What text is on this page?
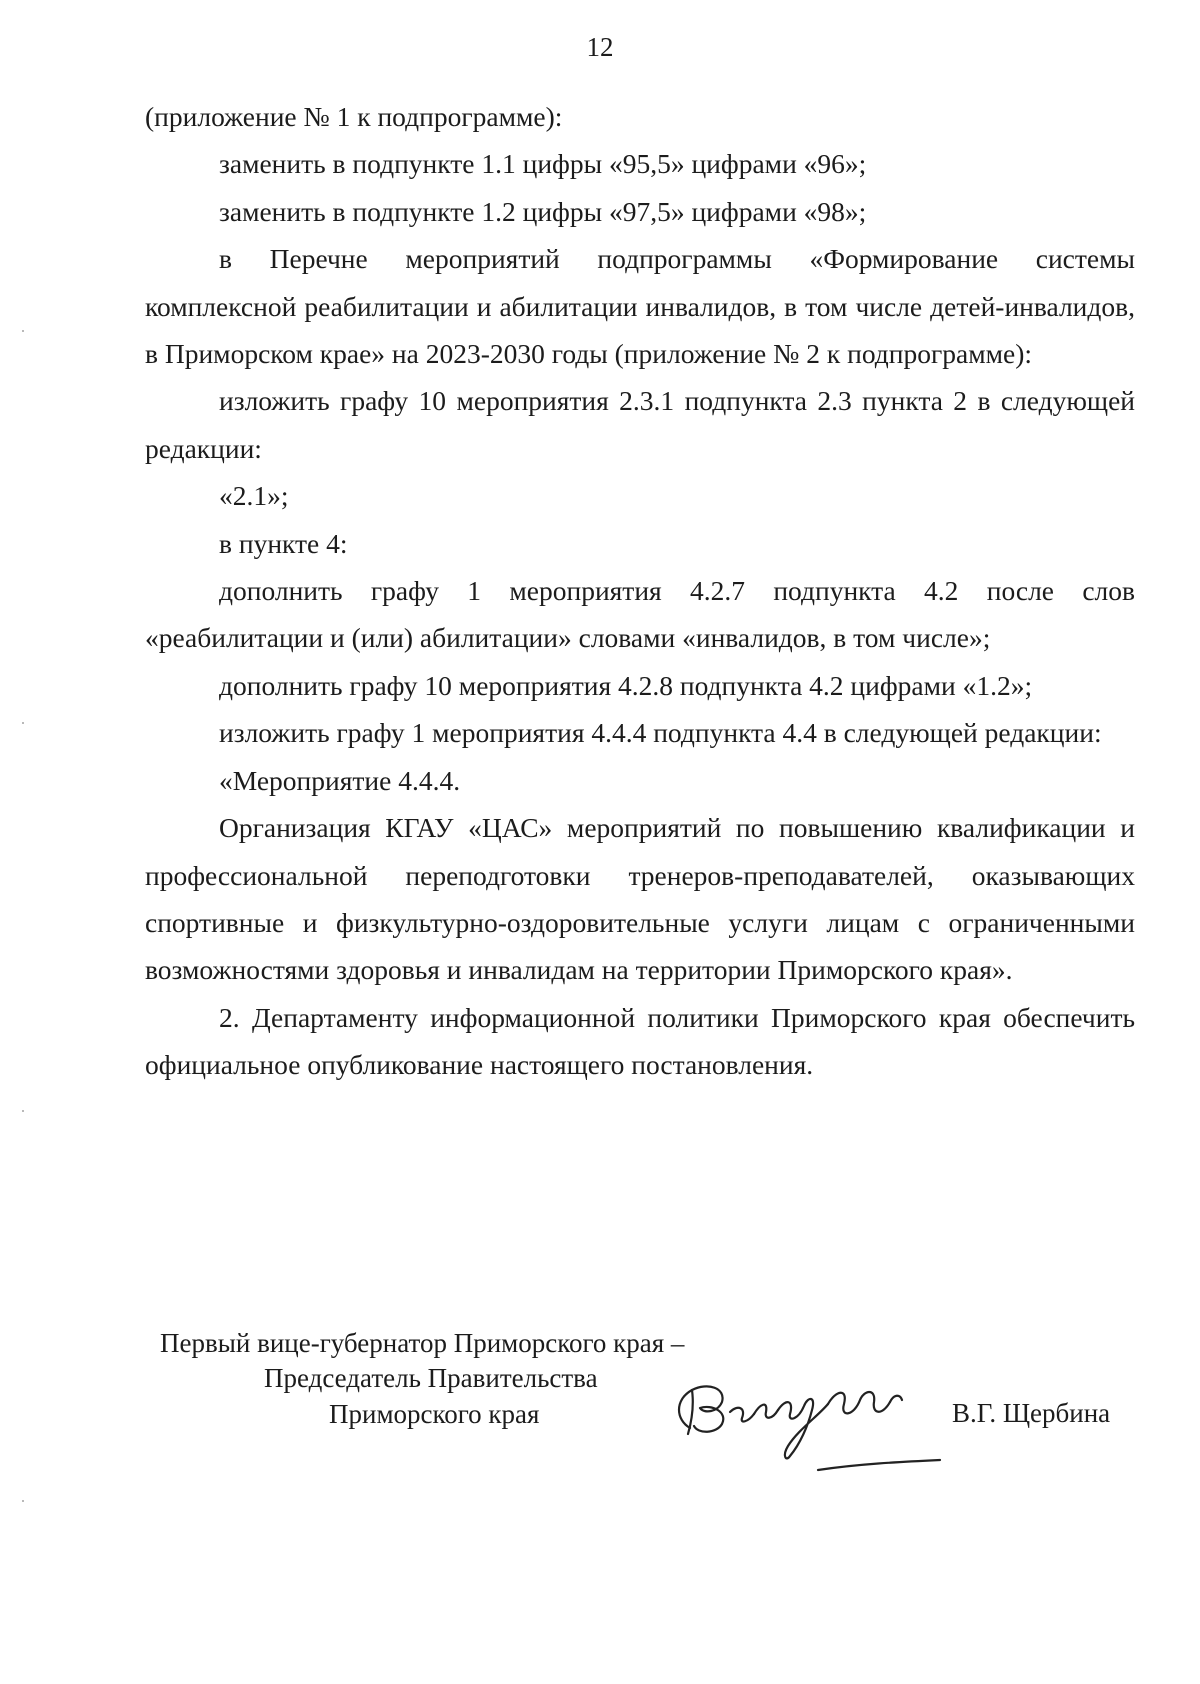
12

(приложение № 1 к подпрограмме):

заменить в подпункте 1.1 цифры «95,5» цифрами «96»;

заменить в подпункте 1.2 цифры «97,5» цифрами «98»;

в Перечне мероприятий подпрограммы «Формирование системы комплексной реабилитации и абилитации инвалидов, в том числе детей-инвалидов, в Приморском крае» на 2023-2030 годы (приложение № 2 к подпрограмме):

изложить графу 10 мероприятия 2.3.1 подпункта 2.3 пункта 2 в следующей редакции:

«2.1»;

в пункте 4:

дополнить графу 1 мероприятия 4.2.7 подпункта 4.2 после слов «реабилитации и (или) абилитации» словами «инвалидов, в том числе»;

дополнить графу 10 мероприятия 4.2.8 подпункта 4.2 цифрами «1.2»;

изложить графу 1 мероприятия 4.4.4 подпункта 4.4 в следующей редакции:

«Мероприятие 4.4.4.

Организация КГАУ «ЦАС» мероприятий по повышению квалификации и профессиональной переподготовки тренеров-преподавателей, оказывающих спортивные и физкультурно-оздоровительные услуги лицам с ограниченными возможностями здоровья и инвалидам на территории Приморского края».

2. Департаменту информационной политики Приморского края обеспечить официальное опубликование настоящего постановления.

Первый вице-губернатор Приморского края –
Председатель Правительства
Приморского края	В.Г. Щербина
